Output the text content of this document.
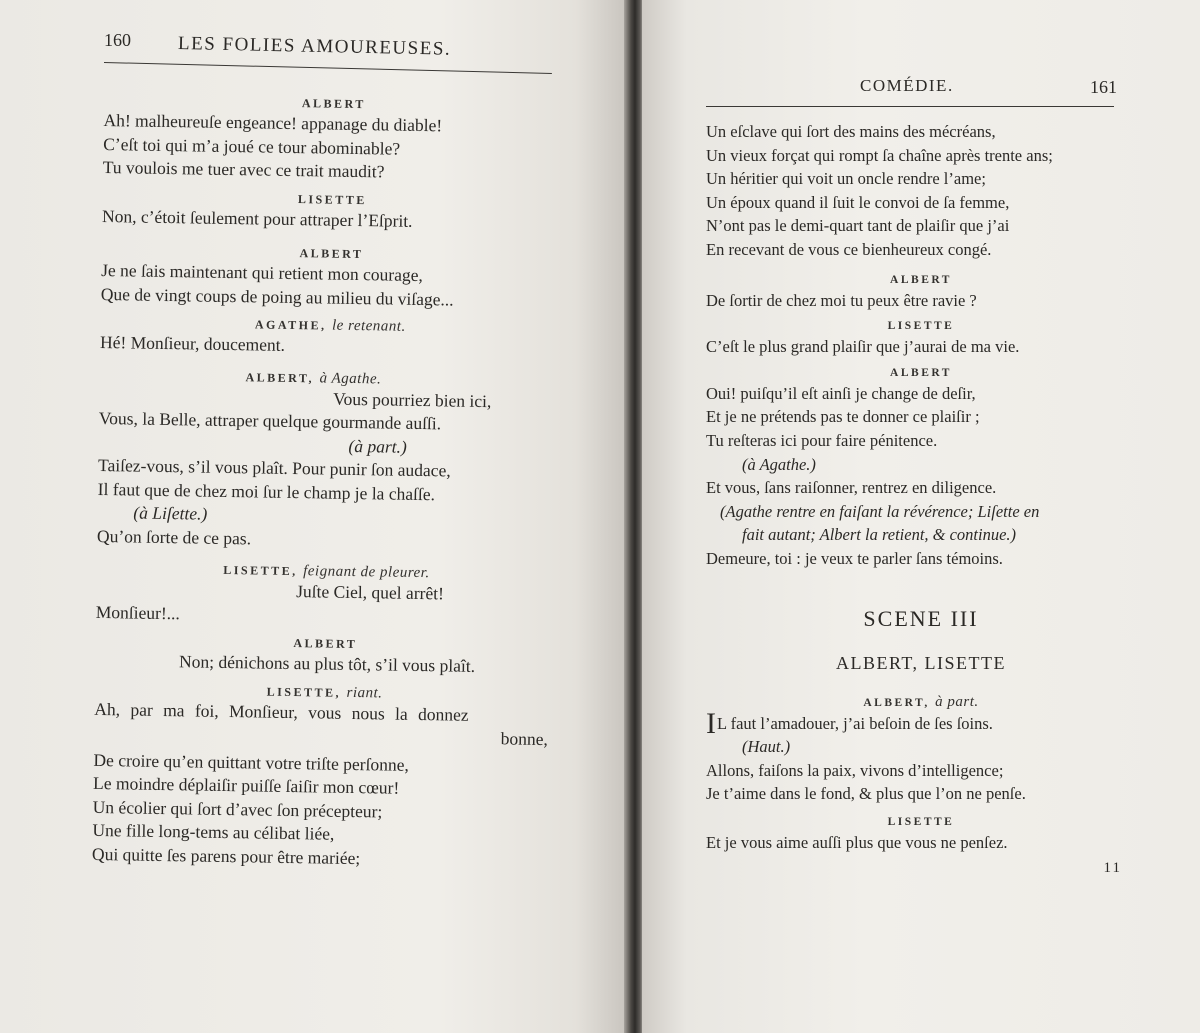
160 LES FOLIES AMOUREUSES.
ALBERT
Ah! malheureuſe engeance! appanage du diable!
C’eſt toi qui m’a joué ce tour abominable?
Tu voulois me tuer avec ce trait maudit?
LISETTE
Non, c’étoit ſeulement pour attraper l’Eſprit.
ALBERT
Je ne ſais maintenant qui retient mon courage,
Que de vingt coups de poing au milieu du viſage...
AGATHE, le retenant.
Hé! Monſieur, doucement.
ALBERT, à Agathe.
Vous pourriez bien ici,
Vous, la Belle, attraper quelque gourmande auſſi.
(à part.)
Taiſez-vous, s’il vous plaît. Pour punir ſon audace,
Il faut que de chez moi ſur le champ je la chaſſe.
(à Liſette.)
Qu’on ſorte de ce pas.
LISETTE, feignant de pleurer.
Juſte Ciel, quel arrêt!
Monſieur!...
ALBERT
Non; dénichons au plus tôt, s’il vous plaît.
LISETTE, riant.
Ah, par ma foi, Monſieur, vous nous la donnez
bonne,
De croire qu’en quittant votre triſte perſonne,
Le moindre déplaiſir puiſſe ſaiſir mon cœur!
Un écolier qui ſort d’avec ſon précepteur;
Une fille long-tems au célibat liée,
Qui quitte ſes parens pour être mariée;
COMÉDIE.	161
Un eſclave qui ſort des mains des mécréans,
Un vieux forçat qui rompt ſa chaîne après trente ans;
Un héritier qui voit un oncle rendre l’ame;
Un époux quand il ſuit le convoi de ſa femme,
N’ont pas le demi-quart tant de plaiſir que j’ai
En recevant de vous ce bienheureux congé.
ALBERT
De ſortir de chez moi tu peux être ravie ?
LISETTE
C’eſt le plus grand plaiſir que j’aurai de ma vie.
ALBERT
Oui! puiſqu’il eſt ainſi je change de deſir,
Et je ne prétends pas te donner ce plaiſir ;
Tu reſteras ici pour faire pénitence.
(à Agathe.)
Et vous, ſans raiſonner, rentrez en diligence.
(Agathe rentre en faiſant la révérence; Liſette en
fait autant; Albert la retient, & continue.)
Demeure, toi : je veux te parler ſans témoins.
SCENE III
ALBERT, LISETTE
ALBERT, à part.
IL faut l’amadouer, j’ai beſoin de ſes ſoins.
(Haut.)
Allons, faiſons la paix, vivons d’intelligence;
Je t’aime dans le fond, & plus que l’on ne penſe.
LISETTE
Et je vous aime auſſi plus que vous ne penſez.
11
